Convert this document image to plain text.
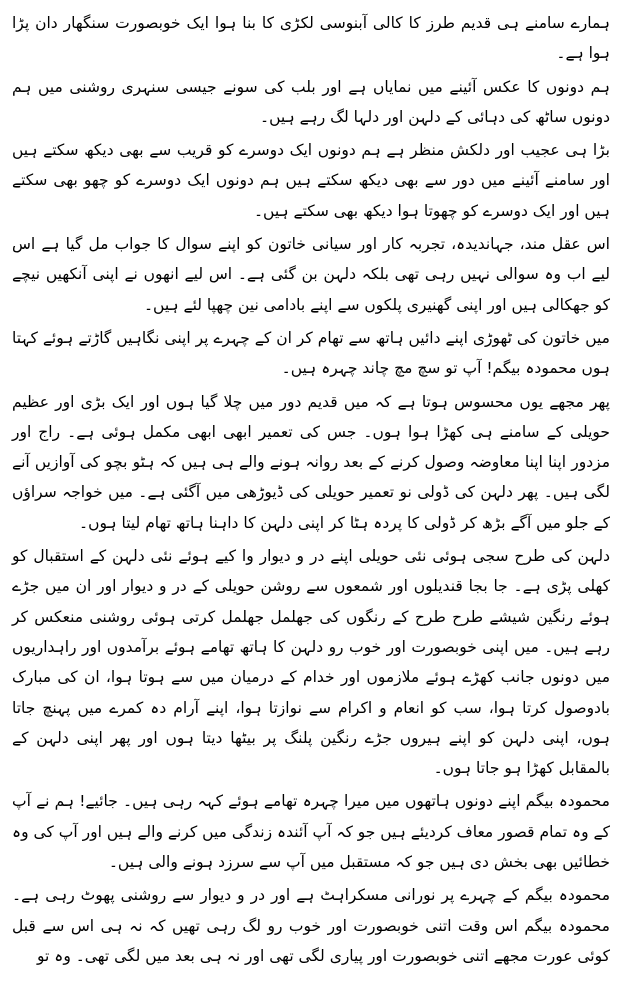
ہمارے سامنے ہی قدیم طرز کا کالی آبنوسی لکڑی کا بنا ہوا ایک خوبصورت سنگھار دان پڑا ہوا ہے۔

ہم دونوں کا عکس آئینے میں نمایاں ہے اور بلب کی سونے جیسی سنہری روشنی میں ہم دونوں ساٹھ کی دہائی کے دلہن اور دلہا لگ رہے ہیں۔

بڑا ہی عجیب اور دلکش منظر ہے ہم دونوں ایک دوسرے کو قریب سے بھی دیکھ سکتے ہیں اور سامنے آئینے میں دور سے بھی دیکھ سکتے ہیں ہم دونوں ایک دوسرے کو چھو بھی سکتے ہیں اور ایک دوسرے کو چھوتا ہوا دیکھ بھی سکتے ہیں۔

اس عقل مند، جہاندیدہ، تجربہ کار اور سیانی خاتون کو اپنے سوال کا جواب مل گیا ہے اس لیے اب وہ سوالی نہیں رہی تھی بلکہ دلہن بن گئی ہے۔ اس لیے انھوں نے اپنی آنکھیں نیچے کو جھکالی ہیں اور اپنی گھنیری پلکوں سے اپنے بادامی نین چھپا لئے ہیں۔

میں خاتون کی ٹھوڑی اپنے دائیں ہاتھ سے تھام کر ان کے چہرے پر اپنی نگاہیں گاڑتے ہوئے کہتا ہوں محمودہ بیگم! آپ تو سچ مچ چاند چہرہ ہیں۔

پھر مجھے یوں محسوس ہوتا ہے کہ میں قدیم دور میں چلا گیا ہوں اور ایک بڑی اور عظیم حویلی کے سامنے ہی کھڑا ہوا ہوں۔ جس کی تعمیر ابھی ابھی مکمل ہوئی ہے۔ راج اور مزدور اپنا اپنا معاوضہ وصول کرنے کے بعد روانہ ہونے والے ہی ہیں کہ ہٹو بچو کی آوازیں آنے لگی ہیں۔ پھر دلہن کی ڈولی نو تعمیر حویلی کی ڈیوڑھی میں آگئی ہے۔ میں خواجہ سراؤں کے جلو میں آگے بڑھ کر ڈولی کا پردہ ہٹا کر اپنی دلہن کا داہنا ہاتھ تھام لیتا ہوں۔

دلہن کی طرح سجی ہوئی نئی حویلی اپنے در و دیوار وا کیے ہوئے نئی دلہن کے استقبال کو کھلی پڑی ہے۔ جا بجا قندیلوں اور شمعوں سے روشن حویلی کے در و دیوار اور ان میں جڑے ہوئے رنگین شیشے طرح طرح کے رنگوں کی جھلمل جھلمل کرتی ہوئی روشنی منعکس کر رہے ہیں۔ میں اپنی خوبصورت اور خوب رو دلہن کا ہاتھ تھامے ہوئے برآمدوں اور راہداریوں میں دونوں جانب کھڑے ہوئے ملازموں اور خدام کے درمیان میں سے ہوتا ہوا، ان کی مبارک بادوصول کرتا ہوا، سب کو انعام و اکرام سے نوازتا ہوا، اپنے آرام دہ کمرے میں پہنچ جاتا ہوں، اپنی دلہن کو اپنے ہیروں جڑے رنگین پلنگ پر بیٹھا دیتا ہوں اور پھر اپنی دلہن کے بالمقابل کھڑا ہو جاتا ہوں۔

محمودہ بیگم اپنے دونوں ہاتھوں میں میرا چہرہ تھامے ہوئے کہہ رہی ہیں۔ جائیے! ہم نے آپ کے وہ تمام قصور معاف کردیئے ہیں جو کہ آپ آئندہ زندگی میں کرنے والے ہیں اور آپ کی وہ خطائیں بھی بخش دی ہیں جو کہ مستقبل میں آپ سے سرزد ہونے والی ہیں۔

محمودہ بیگم کے چہرے پر نورانی مسکراہٹ ہے اور در و دیوار سے روشنی پھوٹ رہی ہے۔ محمودہ بیگم اس وقت اتنی خوبصورت اور خوب رو لگ رہی تھیں کہ نہ ہی اس سے قبل کوئی عورت مجھے اتنی خوبصورت اور پیاری لگی تھی اور نہ ہی بعد میں لگی تھی۔ وہ تو
